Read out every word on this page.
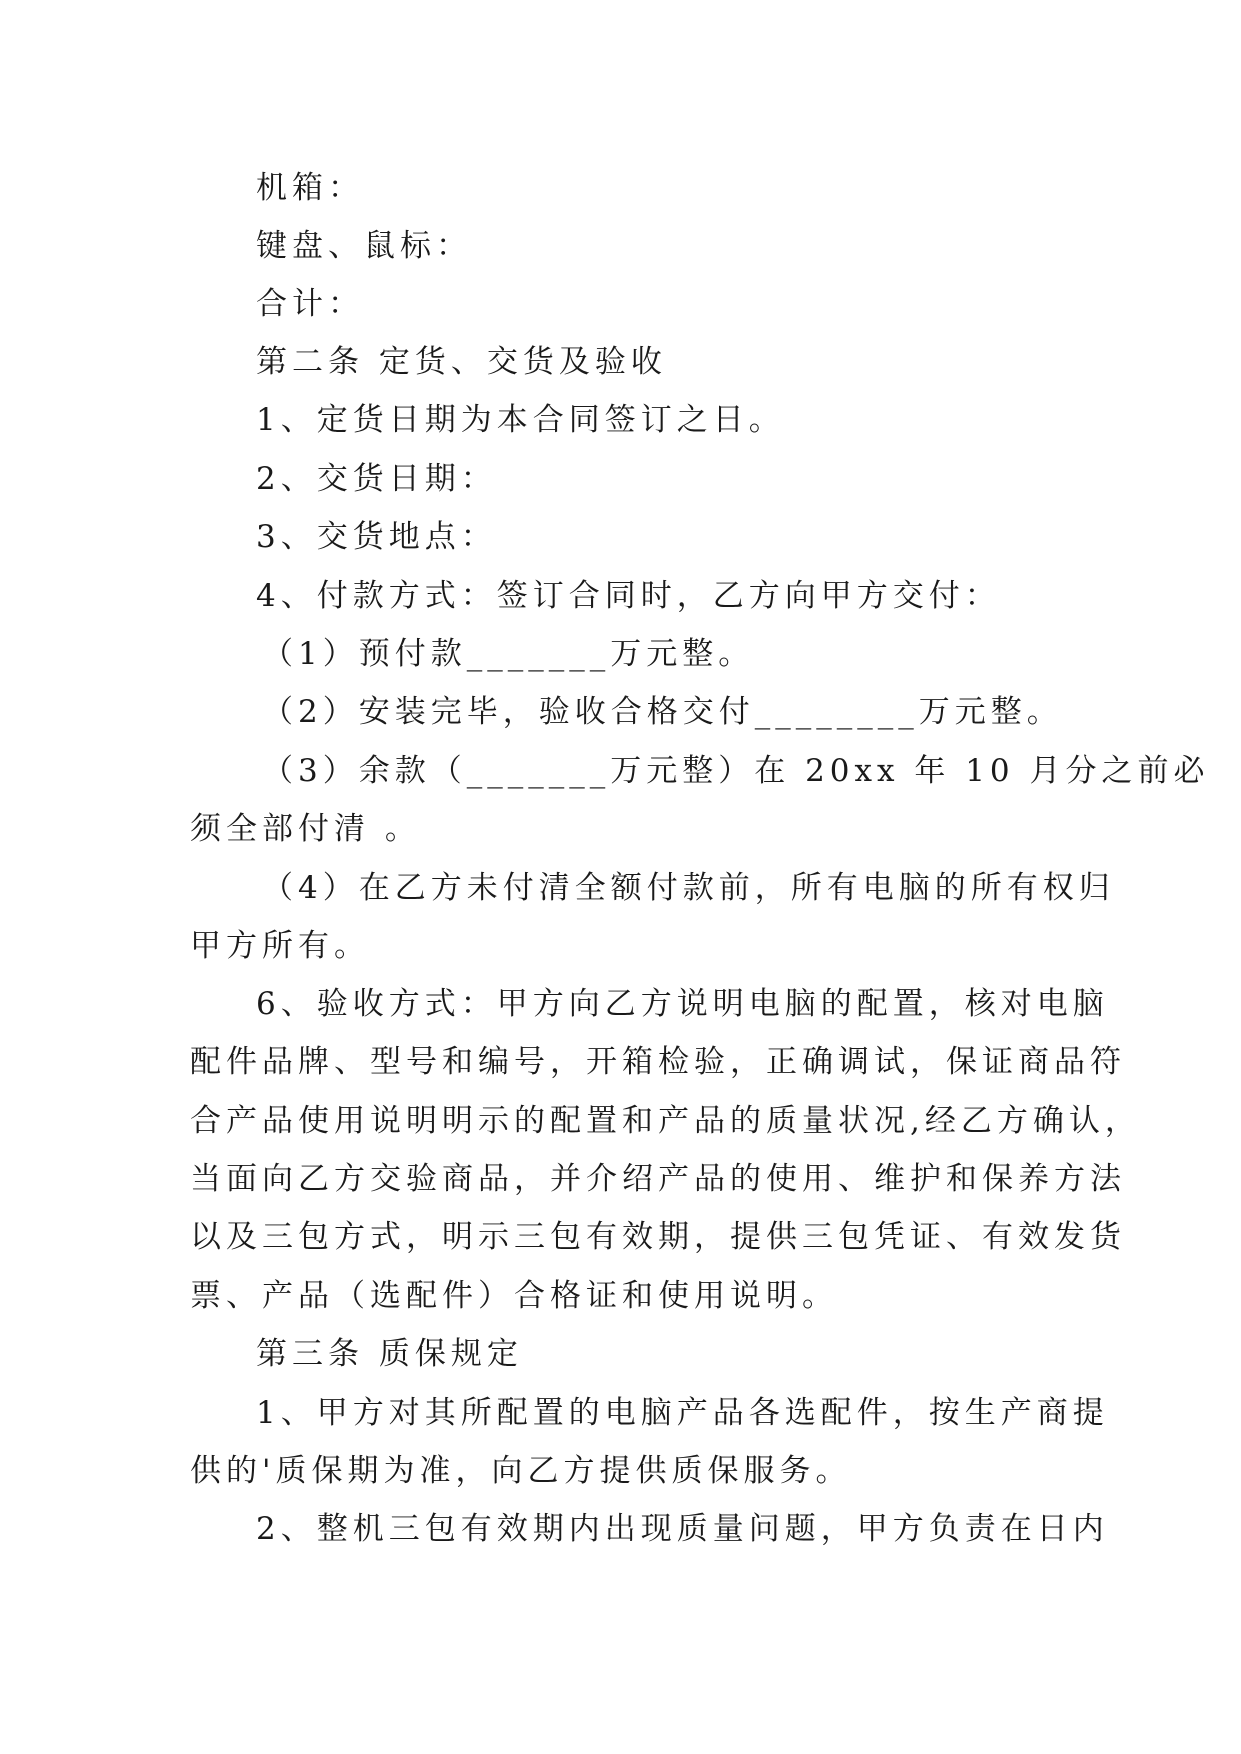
机箱：

键盘、鼠标：

合计：

第二条 定货、交货及验收

1、定货日期为本合同签订之日。

2、交货日期：

3、交货地点：

4、付款方式：签订合同时，乙方向甲方交付：

（1）预付款_______万元整。

（2）安装完毕，验收合格交付________万元整。

（3）余款（_______万元整）在 20xx 年 10 月分之前必

须全部付清 。

（4）在乙方未付清全额付款前，所有电脑的所有权归

甲方所有。

6、验收方式：甲方向乙方说明电脑的配置，核对电脑

配件品牌、型号和编号，开箱检验，正确调试，保证商品符

合产品使用说明明示的配置和产品的质量状况,经乙方确认，

当面向乙方交验商品，并介绍产品的使用、维护和保养方法

以及三包方式，明示三包有效期，提供三包凭证、有效发货

票、产品（选配件）合格证和使用说明。

第三条 质保规定

1、甲方对其所配置的电脑产品各选配件，按生产商提

供的'质保期为准，向乙方提供质保服务。

2、整机三包有效期内出现质量问题，甲方负责在日内
